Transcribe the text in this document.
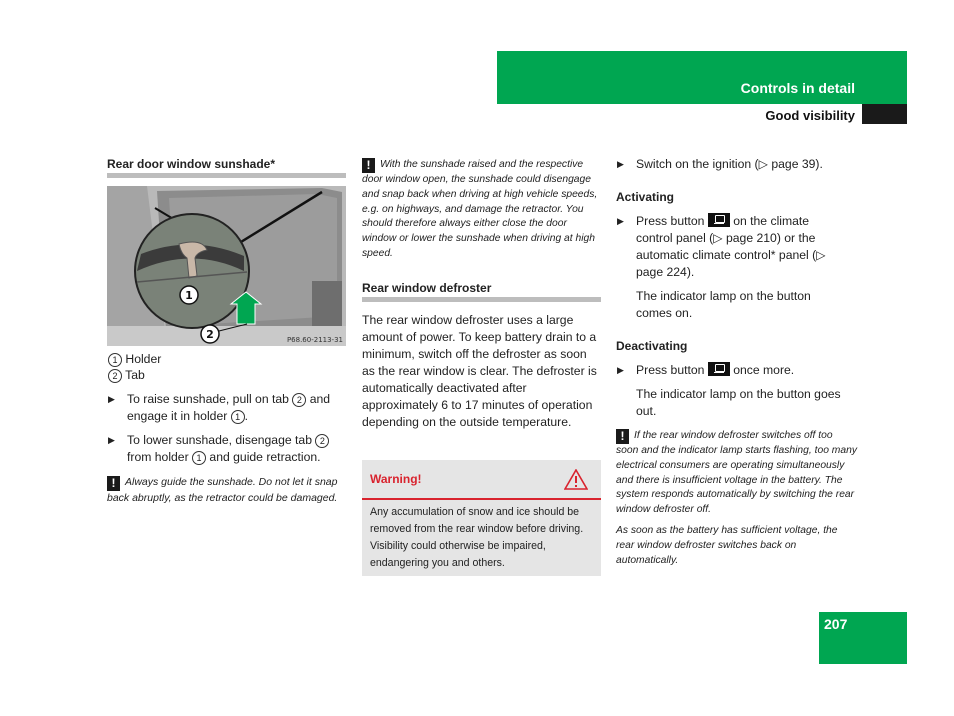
Controls in detail
Good visibility
Rear door window sunshade*
1
2	P68.60-2113-31
1 Holder
2 Tab
▶ To raise sunshade, pull on tab 2 and engage it in holder 1 .
▶ To lower sunshade, disengage tab 2 from holder 1 and guide retraction.
! Always guide the sunshade. Do not let it snap back abruptly, as the retractor could be damaged.
! With the sunshade raised and the respective door window open, the sunshade could disengage and snap back when driving at high vehicle speeds, e.g. on highways, and damage the retractor. You should therefore always either close the door window or lower the sunshade when driving at high speed.
Rear window defroster
The rear window defroster uses a large amount of power. To keep battery drain to a minimum, switch off the defroster as soon as the rear window is clear. The defroster is automatically deactivated after approximately 6 to 17 minutes of operation depending on the outside temperature.
Warning!
Any accumulation of snow and ice should be removed from the rear window before driving. Visibility could otherwise be impaired, endangering you and others.
▶ Switch on the ignition (▷ page 39).
Activating
▶ Press button  on the climate control panel (▷ page 210) or the automatic climate control* panel (▷ page 224).
The indicator lamp on the button comes on.
Deactivating
▶ Press button  once more.
The indicator lamp on the button goes out.
! If the rear window defroster switches off too soon and the indicator lamp starts flashing, too many electrical consumers are operating simultaneously and there is insufficient voltage in the battery. The system responds automatically by switching the rear window defroster off.
As soon as the battery has sufficient voltage, the rear window defroster switches back on automatically.
207
